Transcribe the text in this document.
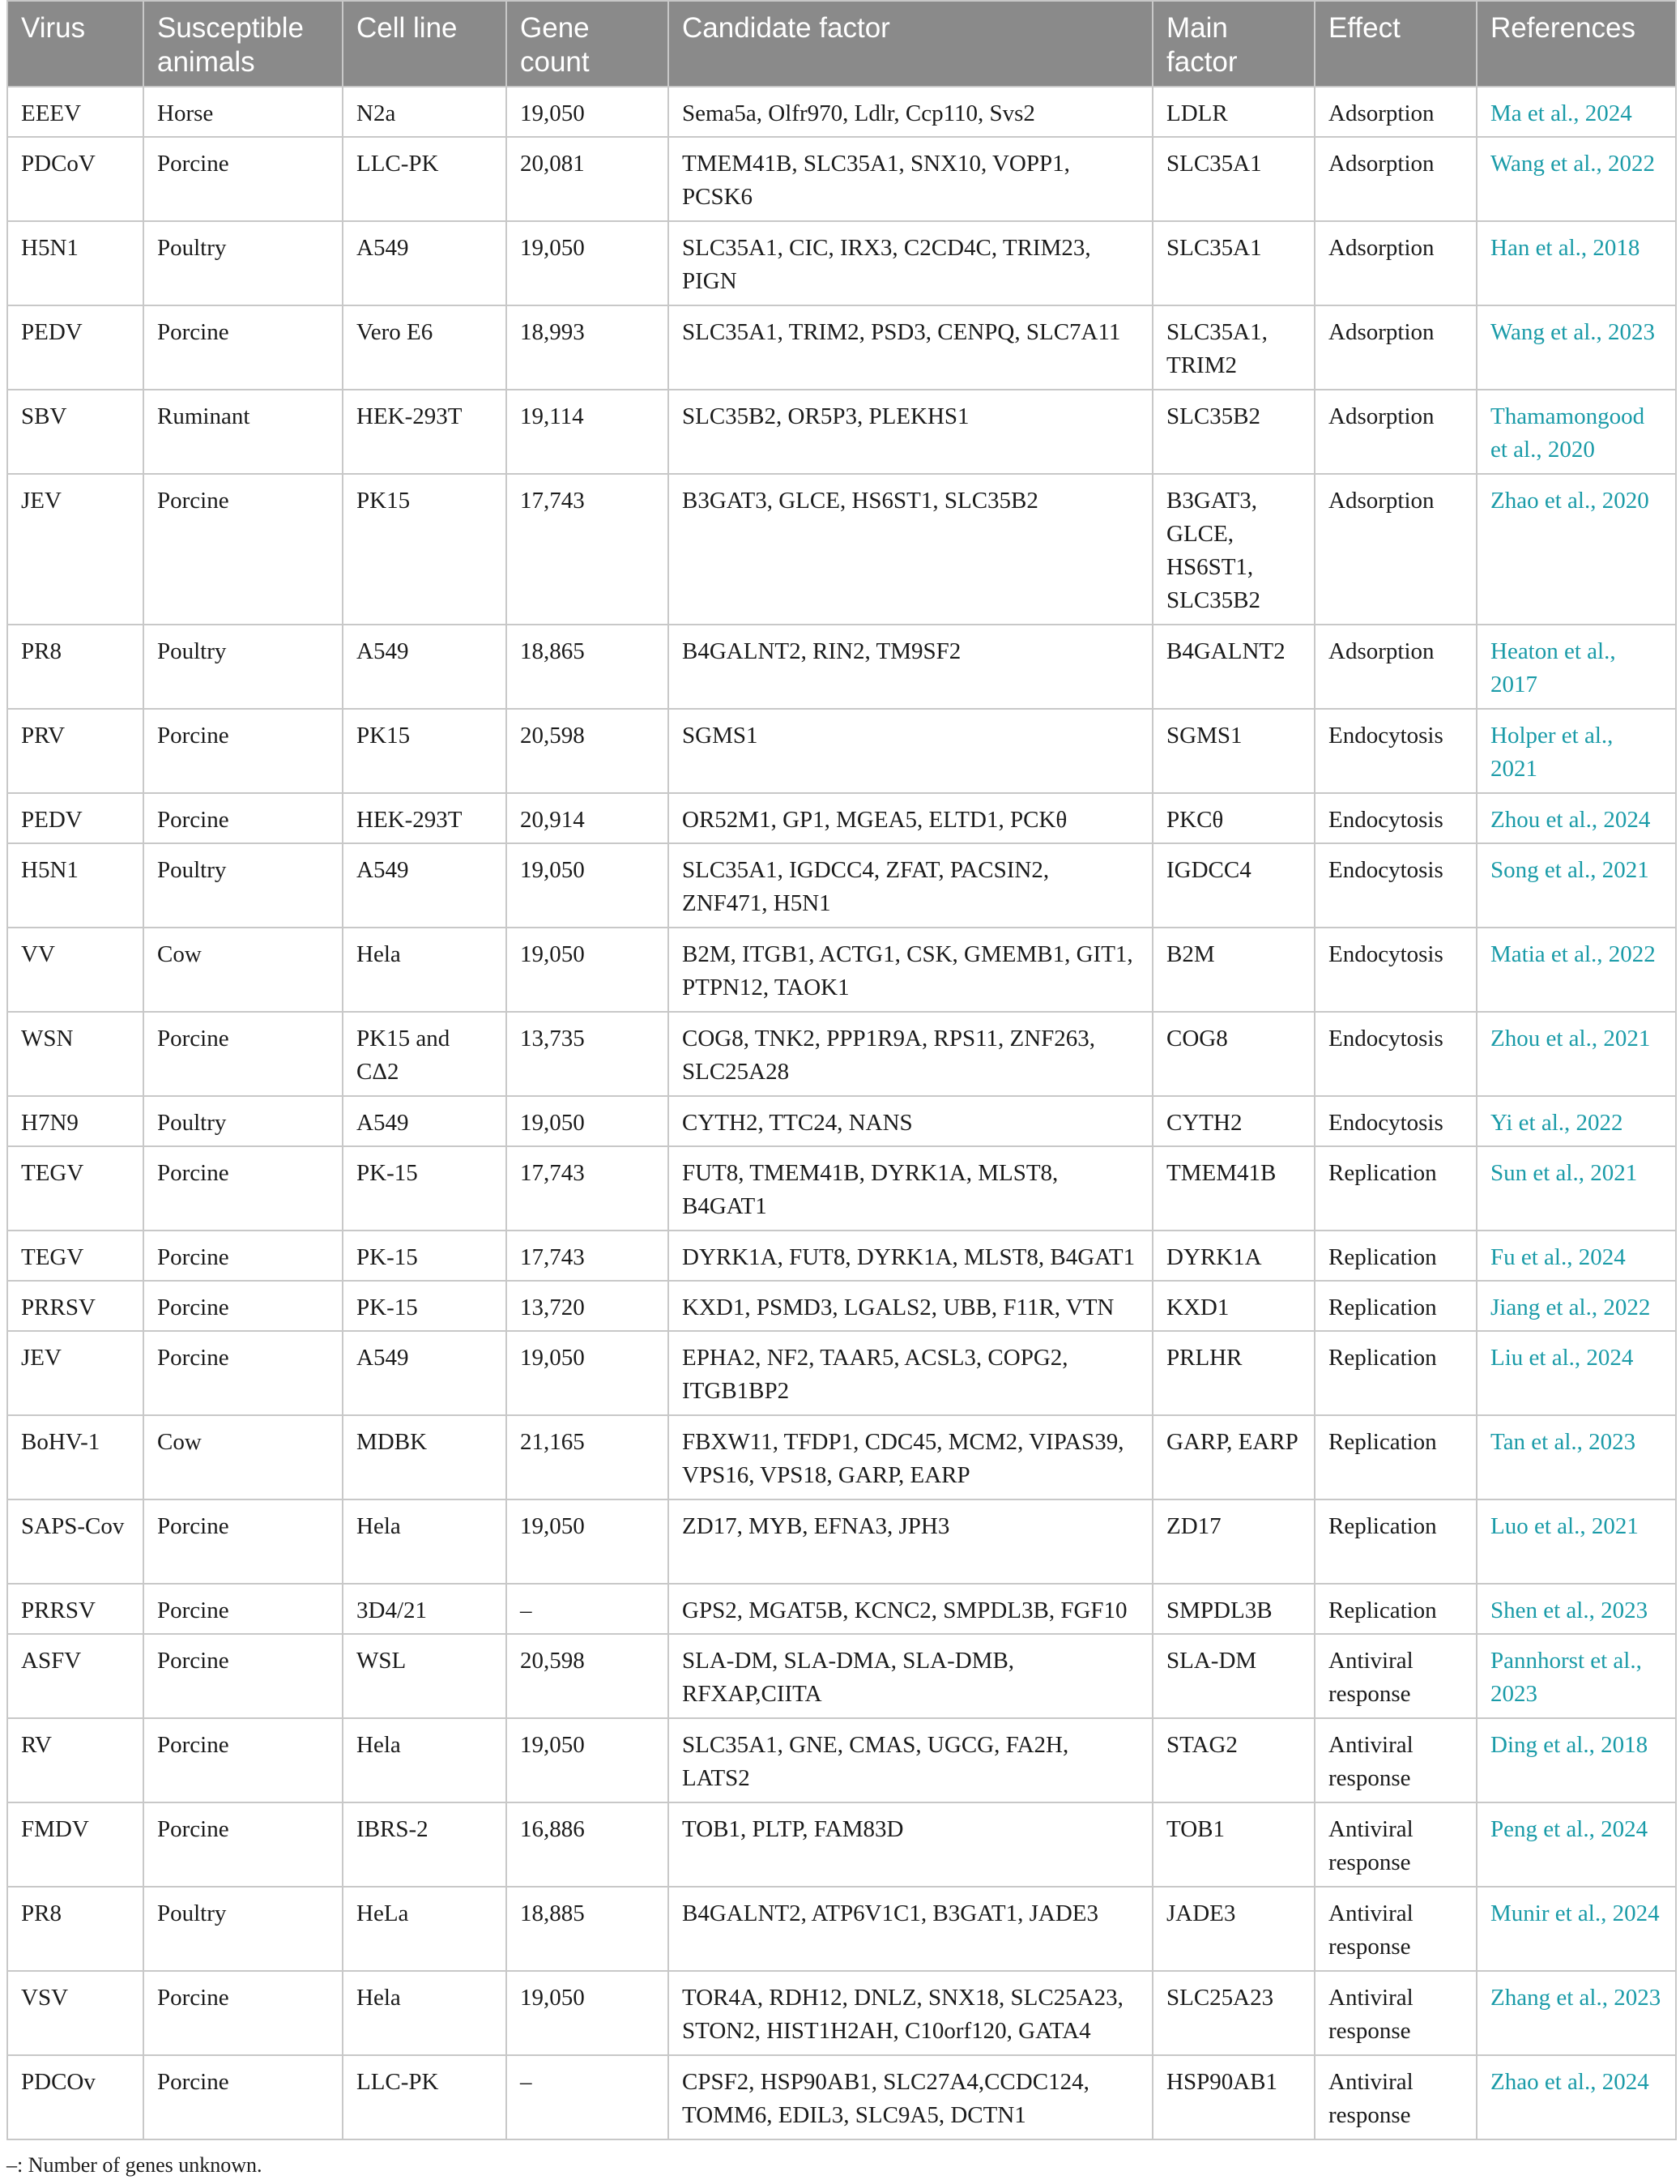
Virus	Susceptible animals	Cell line	Gene count	Candidate factor	Main factor	Effect	References
EEEV	Horse	N2a	19,050	Sema5a, Olfr970, Ldlr, Ccp110, Svs2	LDLR	Adsorption	Ma et al., 2024
PDCoV	Porcine	LLC-PK	20,081	TMEM41B, SLC35A1, SNX10, VOPP1, PCSK6	SLC35A1	Adsorption	Wang et al., 2022
H5N1	Poultry	A549	19,050	SLC35A1, CIC, IRX3, C2CD4C, TRIM23, PIGN	SLC35A1	Adsorption	Han et al., 2018
PEDV	Porcine	Vero E6	18,993	SLC35A1, TRIM2, PSD3, CENPQ, SLC7A11	SLC35A1, TRIM2	Adsorption	Wang et al., 2023
SBV	Ruminant	HEK-293T	19,114	SLC35B2, OR5P3, PLEKHS1	SLC35B2	Adsorption	Thamamongood et al., 2020
JEV	Porcine	PK15	17,743	B3GAT3, GLCE, HS6ST1, SLC35B2	B3GAT3, GLCE, HS6ST1, SLC35B2	Adsorption	Zhao et al., 2020
PR8	Poultry	A549	18,865	B4GALNT2, RIN2, TM9SF2	B4GALNT2	Adsorption	Heaton et al., 2017
PRV	Porcine	PK15	20,598	SGMS1	SGMS1	Endocytosis	Holper et al., 2021
PEDV	Porcine	HEK-293T	20,914	OR52M1, GP1, MGEA5, ELTD1, PCKθ	PKCθ	Endocytosis	Zhou et al., 2024
H5N1	Poultry	A549	19,050	SLC35A1, IGDCC4, ZFAT, PACSIN2, ZNF471, H5N1	IGDCC4	Endocytosis	Song et al., 2021
VV	Cow	Hela	19,050	B2M, ITGB1, ACTG1, CSK, GMEMB1, GIT1, PTPN12, TAOK1	B2M	Endocytosis	Matia et al., 2022
WSN	Porcine	PK15 and CΔ2	13,735	COG8, TNK2, PPP1R9A, RPS11, ZNF263, SLC25A28	COG8	Endocytosis	Zhou et al., 2021
H7N9	Poultry	A549	19,050	CYTH2, TTC24, NANS	CYTH2	Endocytosis	Yi et al., 2022
TEGV	Porcine	PK-15	17,743	FUT8, TMEM41B, DYRK1A, MLST8, B4GAT1	TMEM41B	Replication	Sun et al., 2021
TEGV	Porcine	PK-15	17,743	DYRK1A, FUT8, DYRK1A, MLST8, B4GAT1	DYRK1A	Replication	Fu et al., 2024
PRRSV	Porcine	PK-15	13,720	KXD1, PSMD3, LGALS2, UBB, F11R, VTN	KXD1	Replication	Jiang et al., 2022
JEV	Porcine	A549	19,050	EPHA2, NF2, TAAR5, ACSL3, COPG2, ITGB1BP2	PRLHR	Replication	Liu et al., 2024
BoHV-1	Cow	MDBK	21,165	FBXW11, TFDP1, CDC45, MCM2, VIPAS39, VPS16, VPS18, GARP, EARP	GARP, EARP	Replication	Tan et al., 2023
SAPS-Cov	Porcine	Hela	19,050	ZD17, MYB, EFNA3, JPH3	ZD17	Replication	Luo et al., 2021
PRRSV	Porcine	3D4/21	–	GPS2, MGAT5B, KCNC2, SMPDL3B, FGF10	SMPDL3B	Replication	Shen et al., 2023
ASFV	Porcine	WSL	20,598	SLA-DM, SLA-DMA, SLA-DMB, RFXAP,CIITA	SLA-DM	Antiviral response	Pannhorst et al., 2023
RV	Porcine	Hela	19,050	SLC35A1, GNE, CMAS, UGCG, FA2H, LATS2	STAG2	Antiviral response	Ding et al., 2018
FMDV	Porcine	IBRS-2	16,886	TOB1, PLTP, FAM83D	TOB1	Antiviral response	Peng et al., 2024
PR8	Poultry	HeLa	18,885	B4GALNT2, ATP6V1C1, B3GAT1, JADE3	JADE3	Antiviral response	Munir et al., 2024
VSV	Porcine	Hela	19,050	TOR4A, RDH12, DNLZ, SNX18, SLC25A23, STON2, HIST1H2AH, C10orf120, GATA4	SLC25A23	Antiviral response	Zhang et al., 2023
PDCOv	Porcine	LLC-PK	–	CPSF2, HSP90AB1, SLC27A4,CCDC124, TOMM6, EDIL3, SLC9A5, DCTN1	HSP90AB1	Antiviral response	Zhao et al., 2024
–: Number of genes unknown.
